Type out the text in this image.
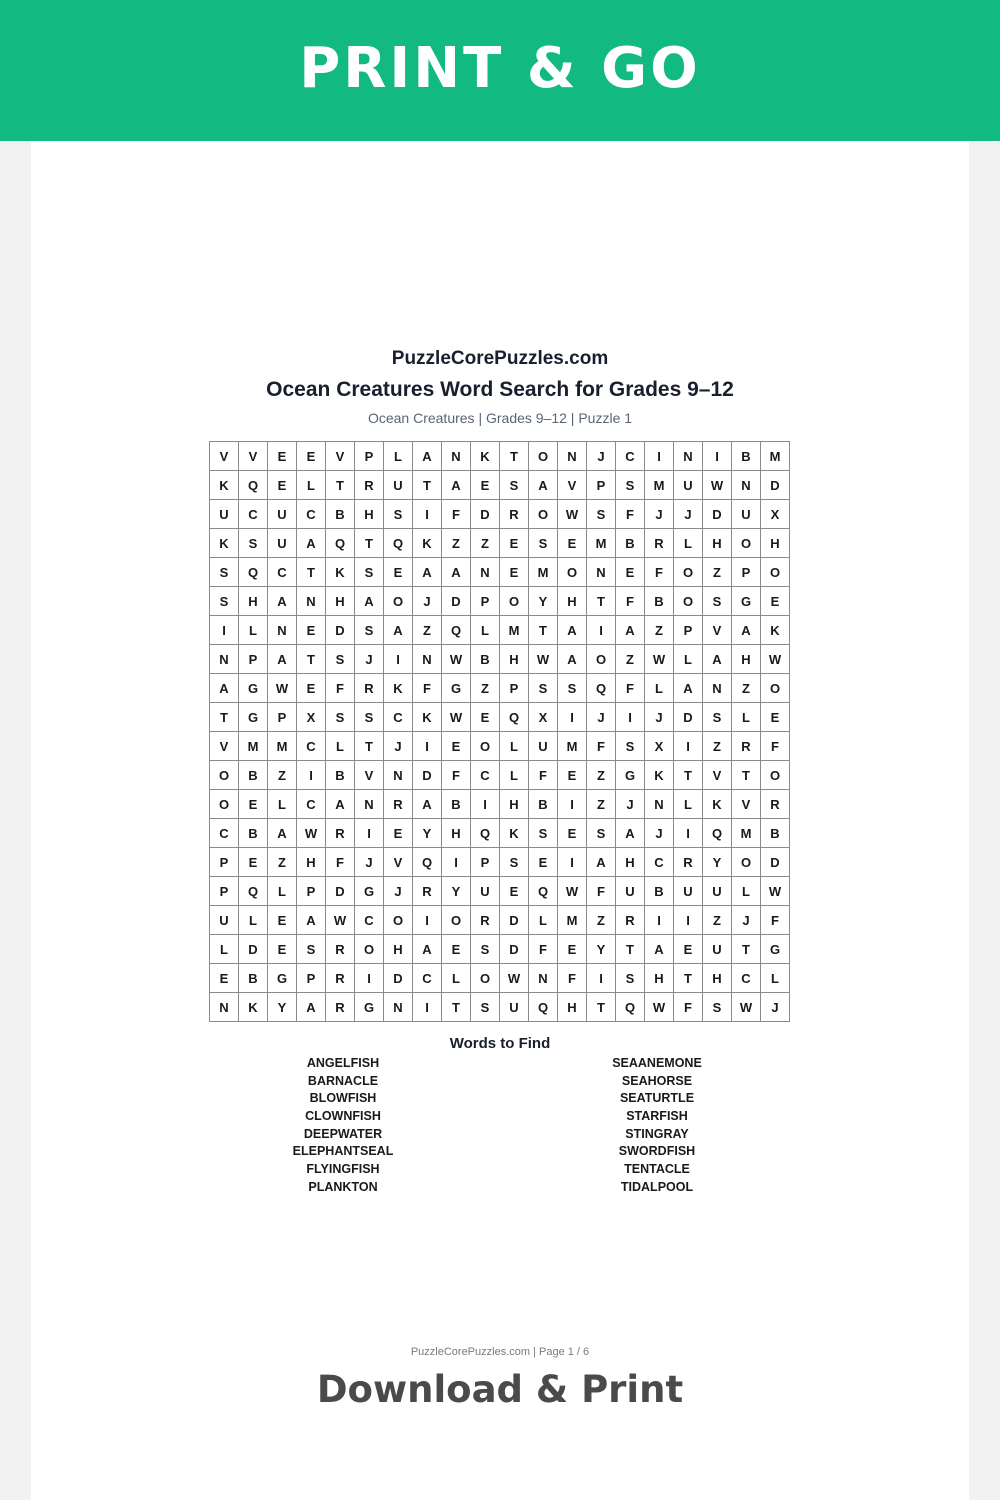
PRINT & GO
PuzzleCorePuzzles.com
Ocean Creatures Word Search for Grades 9–12
Ocean Creatures | Grades 9–12 | Puzzle 1
V	V	E	E	V	P	L	A	N	K	T	O	N	J	C	I	N	I	B	M
K	Q	E	L	T	R	U	T	A	E	S	A	V	P	S	M	U	W	N	D
U	C	U	C	B	H	S	I	F	D	R	O	W	S	F	J	J	D	U	X
K	S	U	A	Q	T	Q	K	Z	Z	E	S	E	M	B	R	L	H	O	H
S	Q	C	T	K	S	E	A	A	N	E	M	O	N	E	F	O	Z	P	O
S	H	A	N	H	A	O	J	D	P	O	Y	H	T	F	B	O	S	G	E
I	L	N	E	D	S	A	Z	Q	L	M	T	A	I	A	Z	P	V	A	K
N	P	A	T	S	J	I	N	W	B	H	W	A	O	Z	W	L	A	H	W
A	G	W	E	F	R	K	F	G	Z	P	S	S	Q	F	L	A	N	Z	O
T	G	P	X	S	S	C	K	W	E	Q	X	I	J	I	J	D	S	L	E
V	M	M	C	L	T	J	I	E	O	L	U	M	F	S	X	I	Z	R	F
O	B	Z	I	B	V	N	D	F	C	L	F	E	Z	G	K	T	V	T	O
O	E	L	C	A	N	R	A	B	I	H	B	I	Z	J	N	L	K	V	R
C	B	A	W	R	I	E	Y	H	Q	K	S	E	S	A	J	I	Q	M	B
P	E	Z	H	F	J	V	Q	I	P	S	E	I	A	H	C	R	Y	O	D
P	Q	L	P	D	G	J	R	Y	U	E	Q	W	F	U	B	U	U	L	W
U	L	E	A	W	C	O	I	O	R	D	L	M	Z	R	I	I	Z	J	F
L	D	E	S	R	O	H	A	E	S	D	F	E	Y	T	A	E	U	T	G
E	B	G	P	R	I	D	C	L	O	W	N	F	I	S	H	T	H	C	L
N	K	Y	A	R	G	N	I	T	S	U	Q	H	T	Q	W	F	S	W	J
Words to Find
ANGELFISH
BARNACLE
BLOWFISH
CLOWNFISH
DEEPWATER
ELEPHANTSEAL
FLYINGFISH
PLANKTON
SEAANEMONE
SEAHORSE
SEATURTLE
STARFISH
STINGRAY
SWORDFISH
TENTACLE
TIDALPOOL
PuzzleCorePuzzles.com | Page 1 / 6
Download & Print
